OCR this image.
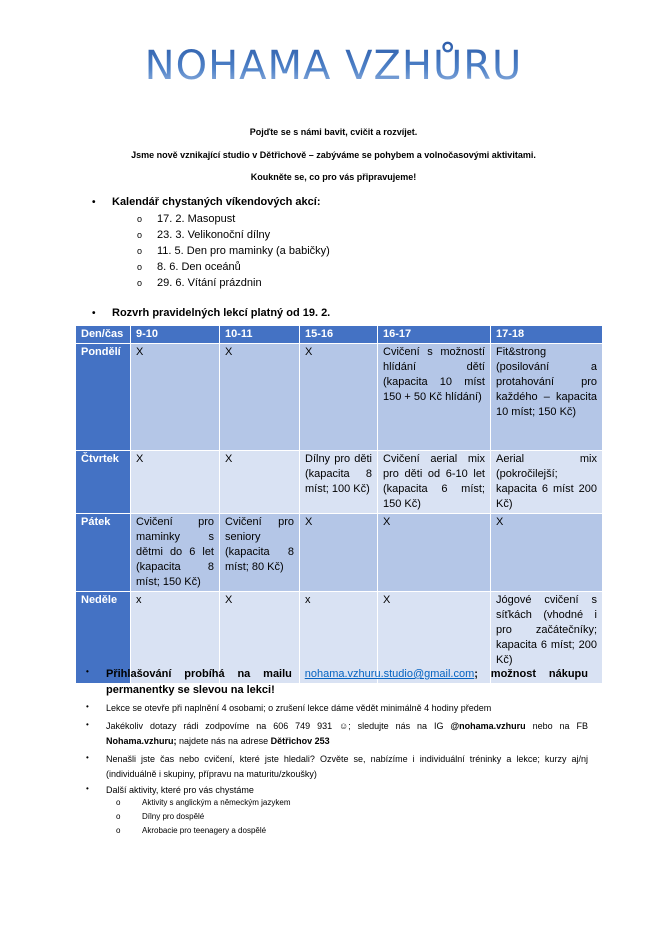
NOHAMA VZHŮRU
Pojďte se s námi bavit, cvičit a rozvíjet.
Jsme nově vznikající studio v Dětřichově – zabýváme se pohybem a volnočasovými aktivitami.
Koukněte se, co pro vás připravujeme!
•	Kalendář chystaných víkendových akcí:
o	17. 2. Masopust
o	23. 3. Velikonoční dílny
o	11. 5. Den pro maminky (a babičky)
o	8. 6. Den oceánů
o	29. 6. Vítání prázdnin
•	Rozvrh pravidelných lekcí platný od 19. 2.
Den/čas	9-10	10-11	15-16	16-17	17-18
Pondělí	X	X	X	Cvičení s možností hlídání dětí (kapacita 10 míst 150 + 50 Kč hlídání)	Fit&strong (posilování a protahování pro každého – kapacita 10 míst; 150 Kč)
Čtvrtek	X	X	Dílny pro děti (kapacita 8 míst; 100 Kč)	Cvičení aerial mix pro děti od 6-10 let (kapacita 6 míst; 150 Kč)	Aerial mix (pokročilejší; kapacita 6 míst 200 Kč)
Pátek	Cvičení pro maminky s dětmi do 6 let (kapacita 8 míst; 150 Kč)	Cvičení pro seniory (kapacita 8 míst; 80 Kč)	X	X	X
Neděle	x	X	x	X	Jógové cvičení s síťkách (vhodné i pro začátečníky; kapacita 6 míst; 200 Kč)
•	Přihlašování probíhá na mailu nohama.vzhuru.studio@gmail.com; možnost nákupu permanentky se slevou na lekci!
•	Lekce se otevře při naplnění 4 osobami; o zrušení lekce dáme vědět minimálně 4 hodiny předem
•	Jakékoliv dotazy rádi zodpovíme na 606 749 931 ☺; sledujte nás na IG @nohama.vzhuru nebo na FB Nohama.vzhuru; najdete nás na adrese Dětřichov 253
•	Nenašli jste čas nebo cvičení, které jste hledali? Ozvěte se, nabízíme i individuální tréninky a lekce; kurzy aj/nj (individuálně i skupiny, přípravu na maturitu/zkoušky)
•	Další aktivity, které pro vás chystáme
o	Aktivity s anglickým a německým jazykem
o	Dílny pro dospělé
o	Akrobacie pro teenagery a dospělé
